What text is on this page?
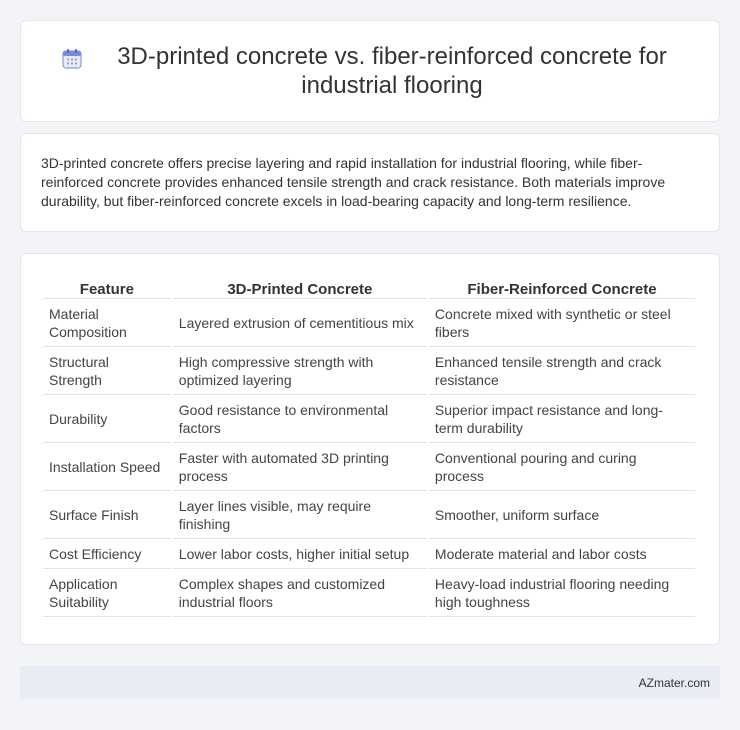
3D-printed concrete vs. fiber-reinforced concrete for industrial flooring

3D-printed concrete offers precise layering and rapid installation for industrial flooring, while fiber-reinforced concrete provides enhanced tensile strength and crack resistance. Both materials improve durability, but fiber-reinforced concrete excels in load-bearing capacity and long-term resilience.

Feature	3D-Printed Concrete	Fiber-Reinforced Concrete
Material Composition	Layered extrusion of cementitious mix	Concrete mixed with synthetic or steel fibers
Structural Strength	High compressive strength with optimized layering	Enhanced tensile strength and crack resistance
Durability	Good resistance to environmental factors	Superior impact resistance and long-term durability
Installation Speed	Faster with automated 3D printing process	Conventional pouring and curing process
Surface Finish	Layer lines visible, may require finishing	Smoother, uniform surface
Cost Efficiency	Lower labor costs, higher initial setup	Moderate material and labor costs
Application Suitability	Complex shapes and customized industrial floors	Heavy-load industrial flooring needing high toughness
AZmater.com
